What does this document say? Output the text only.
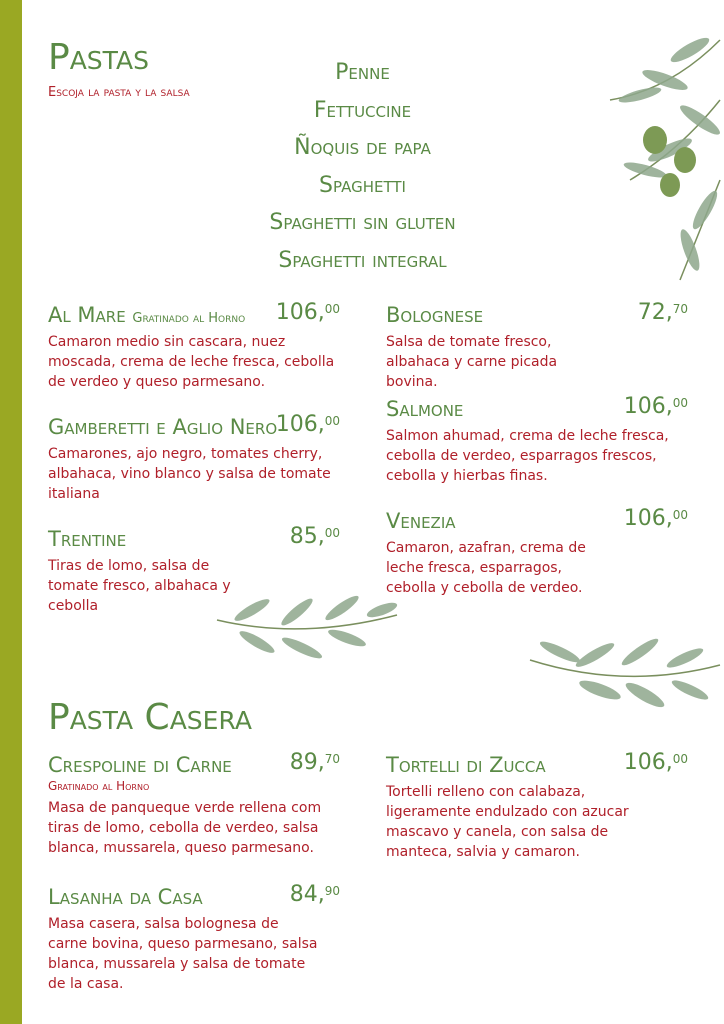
Pastas

Escoja la pasta y la salsa

Penne
Fettuccine
Ñoquis de papa
Spaghetti
Spaghetti sin gluten
Spaghetti integral
Al Mare Gratinado al Horno 106,00
Camaron medio sin cascara, nuez moscada, crema de leche fresca, cebolla de verdeo y queso parmesano.
Gamberetti e Aglio Nero
106,00
Camarones, ajo negro, tomates cherry, albahaca, vino blanco y salsa de tomate italiana
Trentine	85,00
Tiras de lomo, salsa de tomate fresco, albahaca y cebolla
Bolognese	72,70
Salsa de tomate fresco, albahaca y carne picada bovina.
Salmone	106,00
Salmon ahumad, crema de leche fresca, cebolla de verdeo, esparragos frescos, cebolla y hierbas finas.
Venezia	106,00
Camaron, azafran, crema de leche fresca, esparragos, cebolla y cebolla de verdeo.
Pasta Casera
Crespoline di Carne	89,70
Gratinado al Horno
Masa de panqueque verde rellena com tiras de lomo, cebolla de verdeo, salsa blanca, mussarela, queso parmesano.
Lasanha da Casa	84,90
Masa casera, salsa bolognesa de carne bovina, queso parmesano, salsa blanca, mussarela y salsa de tomate de la casa.
Tortelli di Zucca	106,00
Tortelli relleno con calabaza, ligeramente endulzado con azucar mascavo y canela, con salsa de manteca, salvia y camaron.
